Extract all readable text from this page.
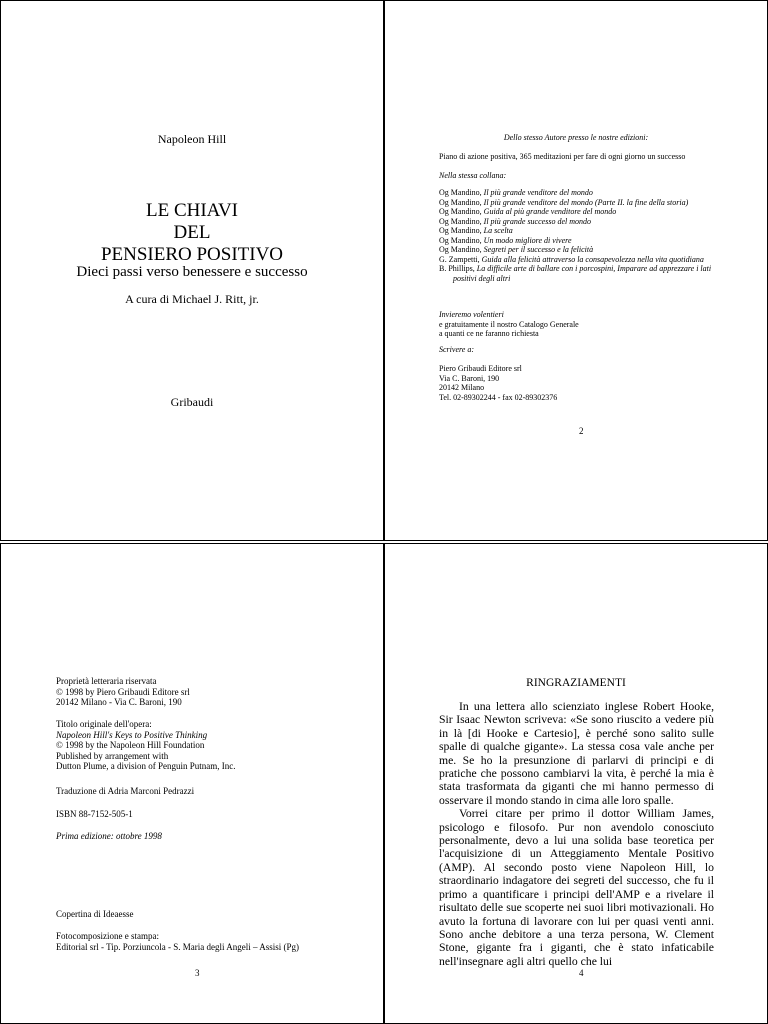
Napoleon Hill
LE CHIAVI
DEL
PENSIERO POSITIVO
Dieci passi verso benessere e successo
A cura di Michael J. Ritt, jr.
Gribaudi
Dello stesso Autore presso le nostre edizioni:
Piano di azione positiva, 365 meditazioni per fare di ogni giorno un successo
Nella stessa collana:
Og Mandino, Il più grande venditore del mondo
Og Mandino, Il più grande venditore del mondo (Parte II. la fine della storia)
Og Mandino, Guida al più grande venditore del mondo
Og Mandino, Il più grande successo del mondo
Og Mandino, La scelta
Og Mandino, Un modo migliore di vivere
Og Mandino, Segreti per il successo e la felicità
G. Zampetti, Guida alla felicità attraverso la consapevolezza nella vita quotidiana
B. Phillips, La difficile arte di ballare con i porcospini, Imparare ad apprezzare i lati
positivi degli altri
Invieremo volentieri
e gratuitamente il nostro Catalogo Generale
a quanti ce ne faranno richiesta
Scrivere a:
Piero Gribaudi Editore srl
Via C. Baroni, 190
20142 Milano
Tel. 02-89302244 - fax 02-89302376
2
Proprietà letteraria riservata
© 1998 by Piero Gribaudi Editore srl
20142 Milano - Via C. Baroni, 190
Titolo originale dell'opera:
Napoleon Hill's Keys to Positive Thinking
© 1998 by the Napoleon Hill Foundation
Published by arrangement with
Dutton Plume, a division of Penguin Putnam, Inc.
Traduzione di Adria Marconi Pedrazzi
ISBN 88-7152-505-1
Prima edizione: ottobre 1998
Copertina di Ideaesse
Fotocomposizione e stampa:
Editorial srl - Tip. Porziuncola - S. Maria degli Angeli – Assisi (Pg)
3
RINGRAZIAMENTI

In una lettera allo scienziato inglese Robert Hooke, Sir Isaac Newton scriveva: «Se sono riuscito a vedere più in là [di Hooke e Cartesio], è perché sono salito sulle spalle di qualche gigante». La stessa cosa vale anche per me. Se ho la presunzione di parlarvi di principi e di pratiche che possono cambiarvi la vita, è perché la mia è stata trasformata da giganti che mi hanno permesso di osservare il mondo stando in cima alle loro spalle.

Vorrei citare per primo il dottor William James, psicologo e filosofo. Pur non avendolo conosciuto personalmente, devo a lui una solida base teoretica per l'acquisizione di un Atteggiamento Mentale Positivo (AMP). Al secondo posto viene Napoleon Hill, lo straordinario indagatore dei segreti del successo, che fu il primo a quantificare i principi dell'AMP e a rivelare il risultato delle sue scoperte nei suoi libri motivazionali. Ho avuto la fortuna di lavorare con lui per quasi venti anni. Sono anche debitore a una terza persona, W. Clement Stone, gigante fra i giganti, che è stato infaticabile nell'insegnare agli altri quello che lui

4
